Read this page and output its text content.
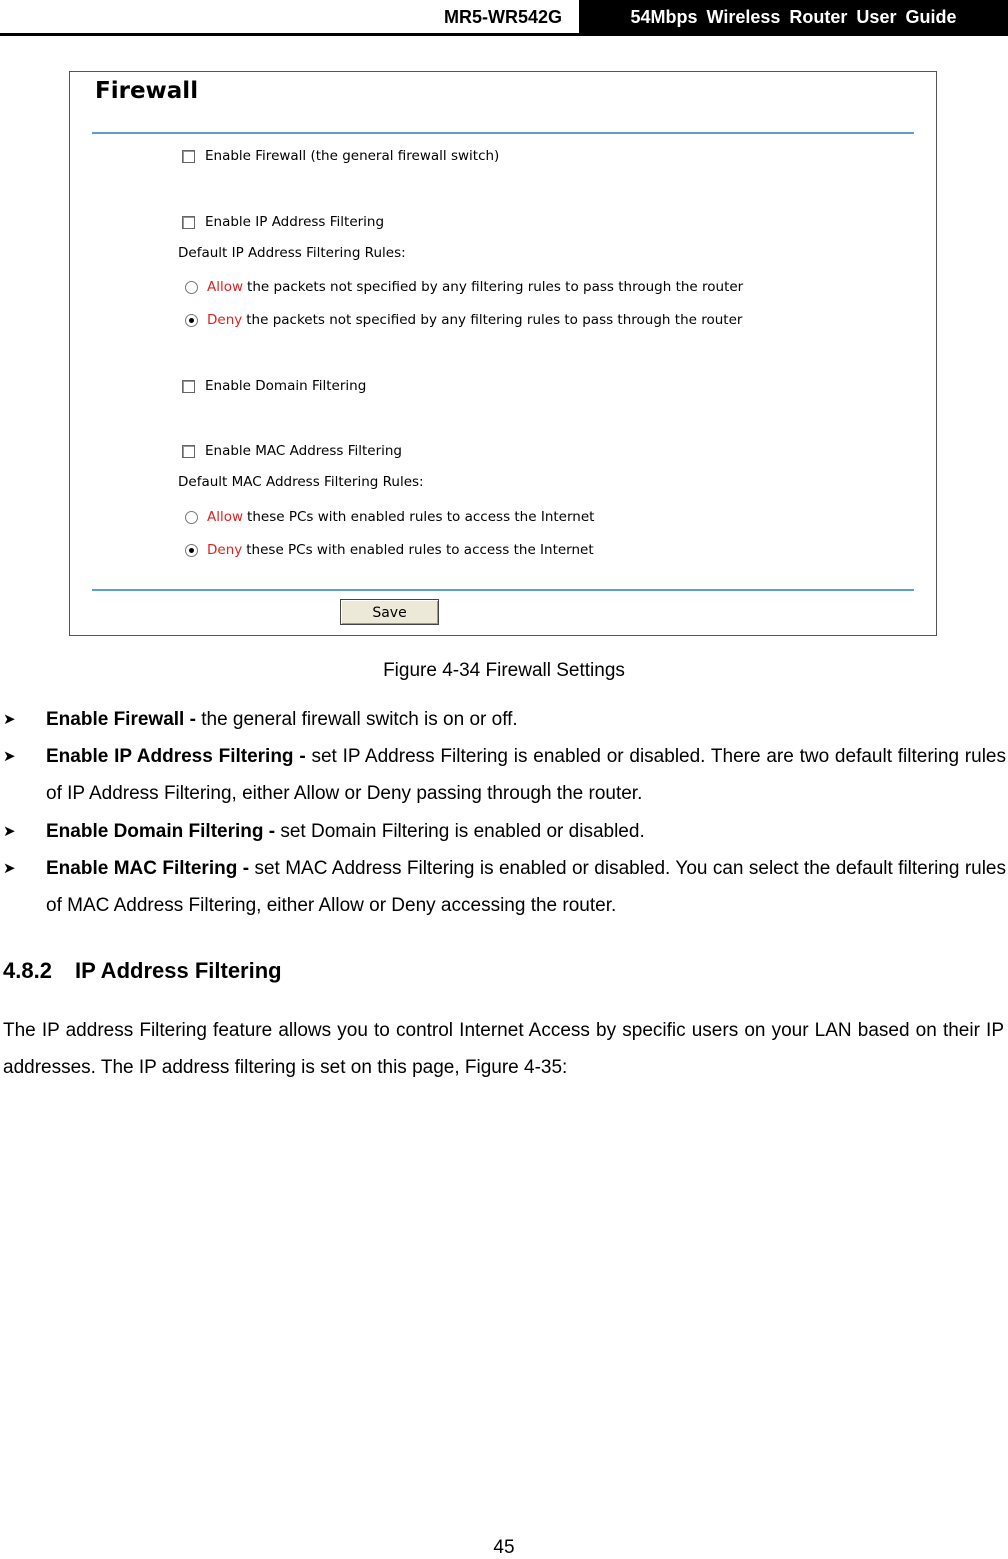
MR5-WR542G	54Mbps Wireless Router User Guide
Firewall
Enable Firewall (the general firewall switch)
Enable IP Address Filtering
Default IP Address Filtering Rules:
Allow the packets not specified by any filtering rules to pass through the router
Deny the packets not specified by any filtering rules to pass through the router
Enable Domain Filtering
Enable MAC Address Filtering
Default MAC Address Filtering Rules:
Allow these PCs with enabled rules to access the Internet
Deny these PCs with enabled rules to access the Internet
Save
Figure 4-34 Firewall Settings
➤ Enable Firewall - the general firewall switch is on or off.
➤ Enable IP Address Filtering - set IP Address Filtering is enabled or disabled. There are two default filtering rules of IP Address Filtering, either Allow or Deny passing through the router.
➤ Enable Domain Filtering - set Domain Filtering is enabled or disabled.
➤ Enable MAC Filtering - set MAC Address Filtering is enabled or disabled. You can select the default filtering rules of MAC Address Filtering, either Allow or Deny accessing the router.
4.8.2 IP Address Filtering
The IP address Filtering feature allows you to control Internet Access by specific users on your LAN based on their IP addresses. The IP address filtering is set on this page, Figure 4-35:
45
